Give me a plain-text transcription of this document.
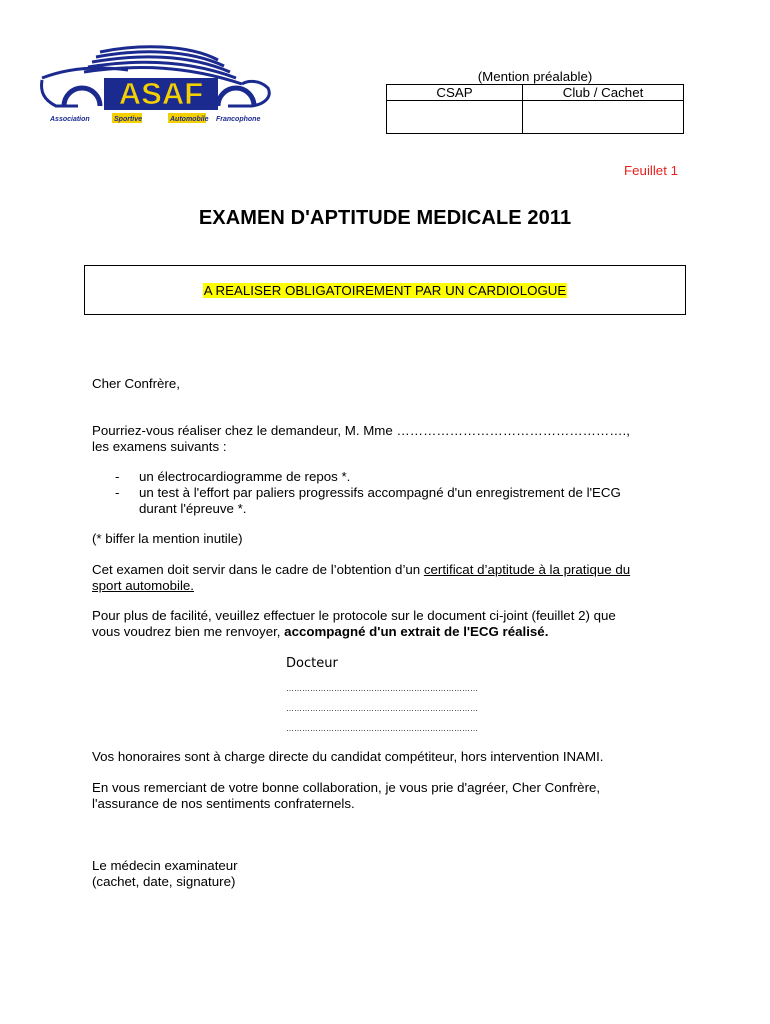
ASAF
Association	Sportive	Automobile Francophone
(Mention préalable)
CSAP	Club / Cachet

Feuillet 1
EXAMEN D'APTITUDE MEDICALE 2011
A REALISER OBLIGATOIREMENT PAR UN CARDIOLOGUE
Cher Confrère,
Pourriez-vous réaliser chez le demandeur, M. Mme …………………………………………….,
les examens suivants :
- un électrocardiogramme de repos *.
- un test à l'effort par paliers progressifs accompagné d'un enregistrement de l'ECG
durant l'épreuve *.
(* biffer la mention inutile)
Cet examen doit servir dans le cadre de l’obtention d’un certificat d’aptitude à la pratique du
sport automobile.
Pour plus de facilité, veuillez effectuer le protocole sur le document ci-joint (feuillet 2) que
vous voudrez bien me renvoyer, accompagné d'un extrait de l'ECG réalisé.
Docteur
………………………………………………………………
………………………………………………………………
………………………………………………………………
Vos honoraires sont à charge directe du candidat compétiteur, hors intervention INAMI.
En vous remerciant de votre bonne collaboration, je vous prie d'agréer, Cher Confrère,
l'assurance de nos sentiments confraternels.
Le médecin examinateur
(cachet, date, signature)
